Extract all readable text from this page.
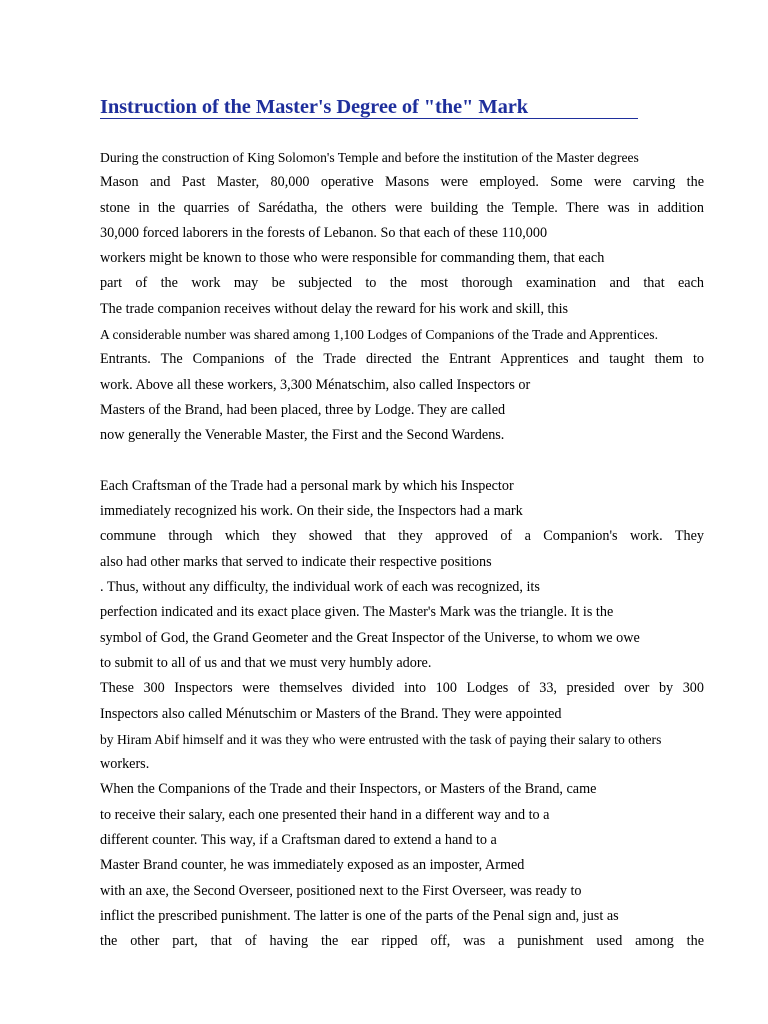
Instruction of the Master's Degree of "the" Mark
During the construction of King Solomon's Temple and before the institution of the Master degrees
Mason and Past Master, 80,000 operative Masons were employed. Some were carving the
stone in the quarries of Sarédatha, the others were building the Temple. There was in addition
30,000 forced laborers in the forests of Lebanon. So that each of these 110,000
workers might be known to those who were responsible for commanding them, that each
part of the work may be subjected to the most thorough examination and that each
The trade companion receives without delay the reward for his work and skill, this
A considerable number was shared among 1,100 Lodges of Companions of the Trade and Apprentices.
Entrants. The Companions of the Trade directed the Entrant Apprentices and taught them to
work. Above all these workers, 3,300 Ménatschim, also called Inspectors or
Masters of the Brand, had been placed, three by Lodge. They are called
now generally the Venerable Master, the First and the Second Wardens.
Each Craftsman of the Trade had a personal mark by which his Inspector
immediately recognized his work. On their side, the Inspectors had a mark
commune through which they showed that they approved of a Companion's work. They
also had other marks that served to indicate their respective positions
. Thus, without any difficulty, the individual work of each was recognized, its
perfection indicated and its exact place given. The Master's Mark was the triangle. It is the
symbol of God, the Grand Geometer and the Great Inspector of the Universe, to whom we owe
to submit to all of us and that we must very humbly adore.
These 300 Inspectors were themselves divided into 100 Lodges of 33, presided over by 300
Inspectors also called Ménutschim or Masters of the Brand. They were appointed
by Hiram Abif himself and it was they who were entrusted with the task of paying their salary to others
workers.
When the Companions of the Trade and their Inspectors, or Masters of the Brand, came
to receive their salary, each one presented their hand in a different way and to a
different counter. This way, if a Craftsman dared to extend a hand to a
Master Brand counter, he was immediately exposed as an imposter, Armed
with an axe, the Second Overseer, positioned next to the First Overseer, was ready to
inflict the prescribed punishment. The latter is one of the parts of the Penal sign and, just as
the other part, that of having the ear ripped off, was a punishment used among the
